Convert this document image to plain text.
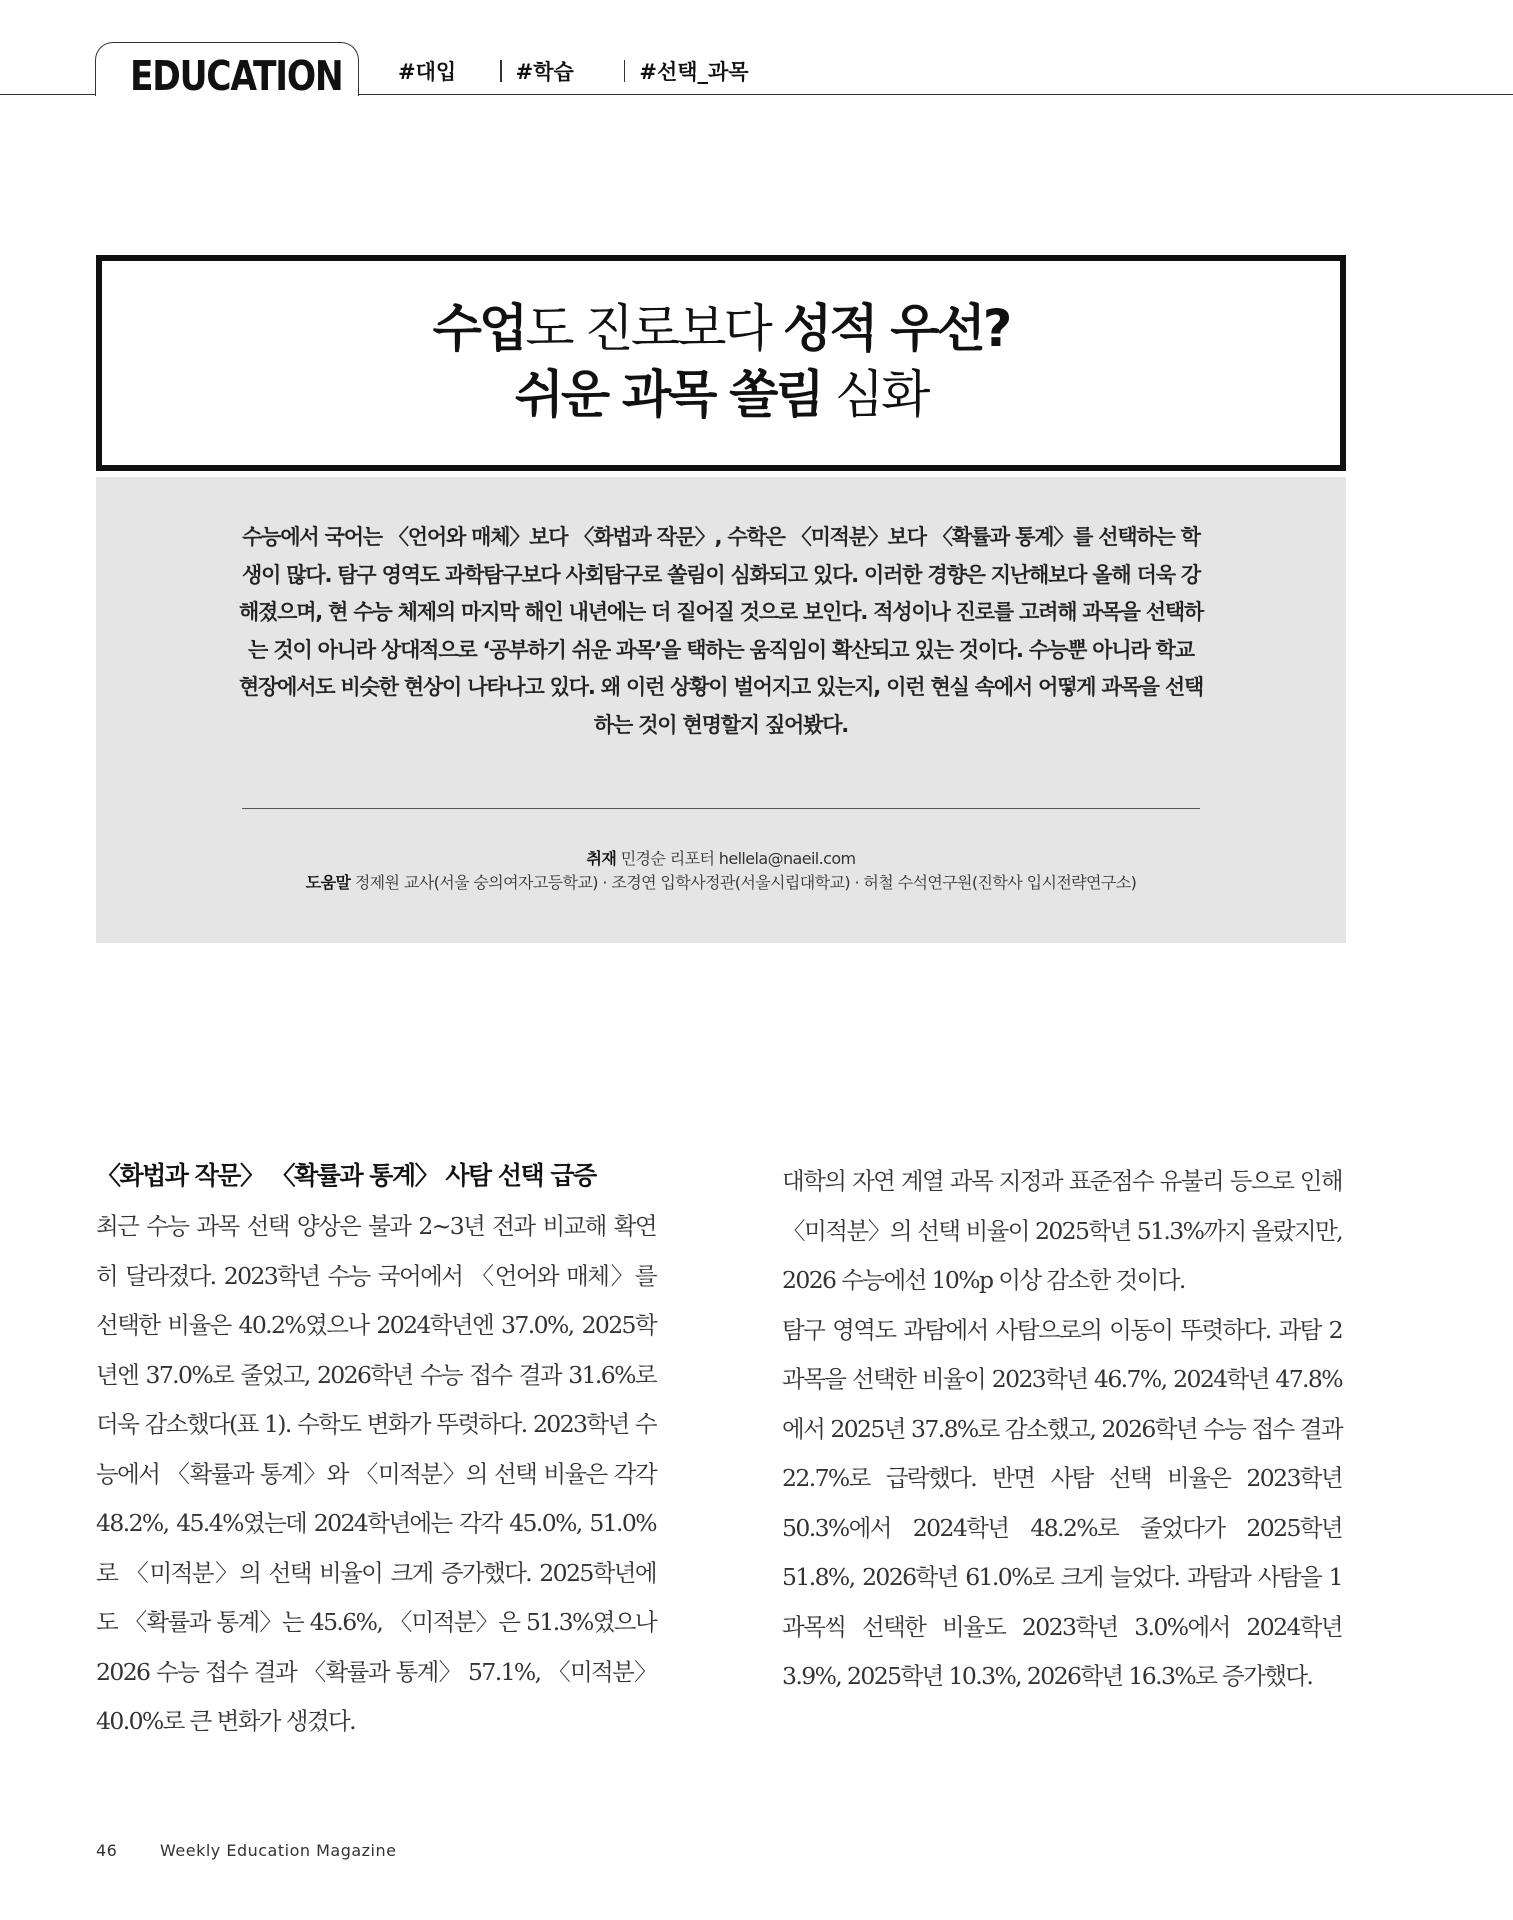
EDUCATION	#대입	#학습	#선택_과목
수업도 진로보다 성적 우선?
쉬운 과목 쏠림 심화
수능에서 국어는 〈언어와 매체〉보다 〈화법과 작문〉, 수학은 〈미적분〉보다 〈확률과 통계〉를 선택하는 학생이 많다. 탐구 영역도 과학탐구보다 사회탐구로 쏠림이 심화되고 있다. 이러한 경향은 지난해보다 올해 더욱 강해졌으며, 현 수능 체제의 마지막 해인 내년에는 더 짙어질 것으로 보인다. 적성이나 진로를 고려해 과목을 선택하는 것이 아니라 상대적으로 ‘공부하기 쉬운 과목’을 택하는 움직임이 확산되고 있는 것이다. 수능뿐 아니라 학교 현장에서도 비슷한 현상이 나타나고 있다. 왜 이런 상황이 벌어지고 있는지, 이런 현실 속에서 어떻게 과목을 선택하는 것이 현명할지 짚어봤다.
취재 민경순 리포터 hellela@naeil.com
도움말 정제원 교사(서울 숭의여자고등학교) · 조경연 입학사정관(서울시립대학교) · 허철 수석연구원(진학사 입시전략연구소)
〈화법과 작문〉 〈확률과 통계〉 사탐 선택 급증
최근 수능 과목 선택 양상은 불과 2~3년 전과 비교해 확연히 달라졌다. 2023학년 수능 국어에서 〈언어와 매체〉를 선택한 비율은 40.2%였으나 2024학년엔 37.0%, 2025학년엔 37.0%로 줄었고, 2026학년 수능 접수 결과 31.6%로 더욱 감소했다(표 1). 수학도 변화가 뚜렷하다. 2023학년 수능에서 〈확률과 통계〉와 〈미적분〉의 선택 비율은 각각 48.2%, 45.4%였는데 2024학년에는 각각 45.0%, 51.0%로 〈미적분〉의 선택 비율이 크게 증가했다. 2025학년에도 〈확률과 통계〉는 45.6%, 〈미적분〉은 51.3%였으나 2026 수능 접수 결과 〈확률과 통계〉 57.1%, 〈미적분〉 40.0%로 큰 변화가 생겼다.
대학의 자연 계열 과목 지정과 표준점수 유불리 등으로 인해 〈미적분〉의 선택 비율이 2025학년 51.3%까지 올랐지만, 2026 수능에선 10%p 이상 감소한 것이다.
탐구 영역도 과탐에서 사탐으로의 이동이 뚜렷하다. 과탐 2과목을 선택한 비율이 2023학년 46.7%, 2024학년 47.8%에서 2025년 37.8%로 감소했고, 2026학년 수능 접수 결과 22.7%로 급락했다. 반면 사탐 선택 비율은 2023학년 50.3%에서 2024학년 48.2%로 줄었다가 2025학년 51.8%, 2026학년 61.0%로 크게 늘었다. 과탐과 사탐을 1과목씩 선택한 비율도 2023학년 3.0%에서 2024학년 3.9%, 2025학년 10.3%, 2026학년 16.3%로 증가했다.
46	Weekly Education Magazine
